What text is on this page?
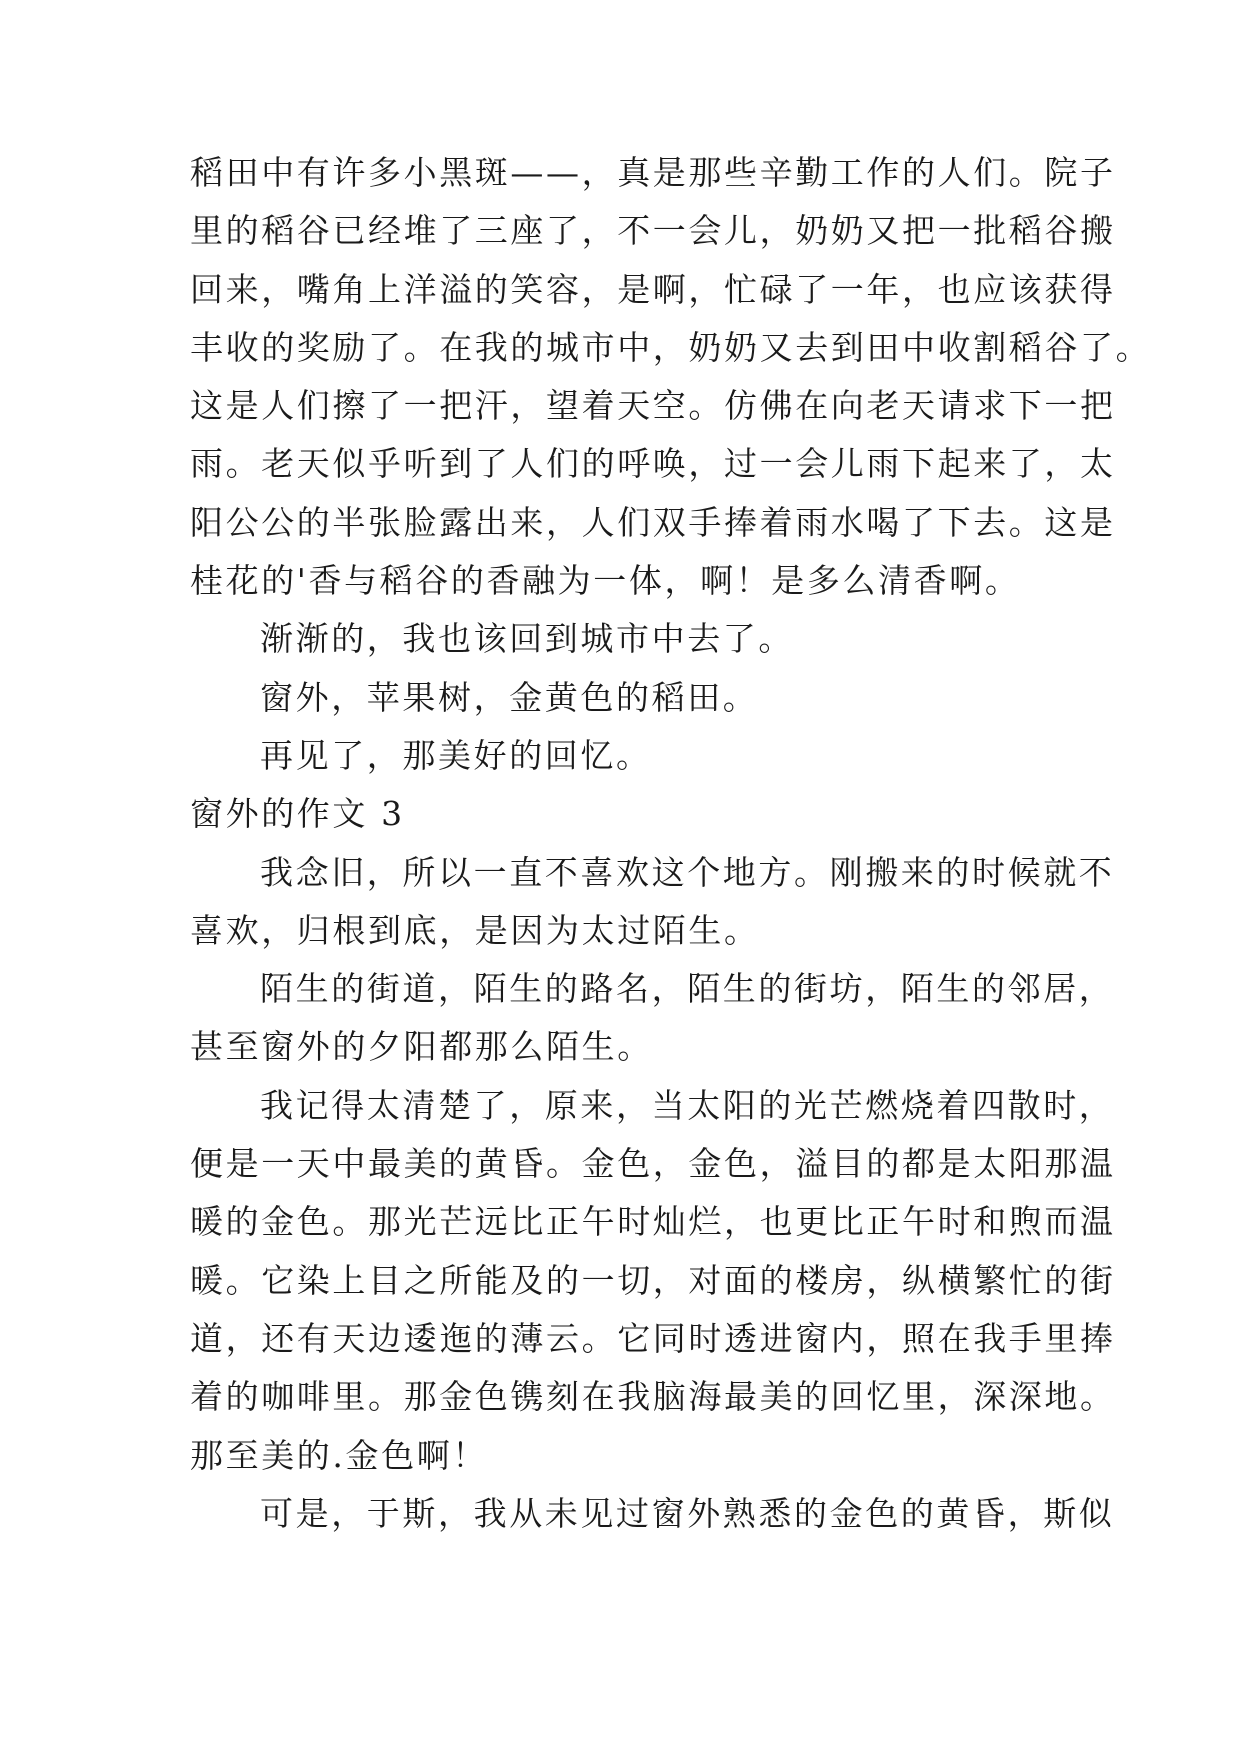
稻田中有许多小黑斑——，真是那些辛勤工作的人们。院子
里的稻谷已经堆了三座了，不一会儿，奶奶又把一批稻谷搬
回来，嘴角上洋溢的笑容，是啊，忙碌了一年，也应该获得
丰收的奖励了。在我的城市中，奶奶又去到田中收割稻谷了。
这是人们擦了一把汗，望着天空。仿佛在向老天请求下一把
雨。老天似乎听到了人们的呼唤，过一会儿雨下起来了，太
阳公公的半张脸露出来，人们双手捧着雨水喝了下去。这是
桂花的'香与稻谷的香融为一体，啊！是多么清香啊。
渐渐的，我也该回到城市中去了。
窗外，苹果树，金黄色的稻田。
再见了，那美好的回忆。
窗外的作文 3
我念旧，所以一直不喜欢这个地方。刚搬来的时候就不
喜欢，归根到底，是因为太过陌生。
陌生的街道，陌生的路名，陌生的街坊，陌生的邻居，
甚至窗外的夕阳都那么陌生。
我记得太清楚了，原来，当太阳的光芒燃烧着四散时，
便是一天中最美的黄昏。金色，金色，溢目的都是太阳那温
暖的金色。那光芒远比正午时灿烂，也更比正午时和煦而温
暖。它染上目之所能及的一切，对面的楼房，纵横繁忙的街
道，还有天边逶迤的薄云。它同时透进窗内，照在我手里捧
着的咖啡里。那金色镌刻在我脑海最美的回忆里，深深地。
那至美的.金色啊！
可是，于斯，我从未见过窗外熟悉的金色的黄昏，斯似
